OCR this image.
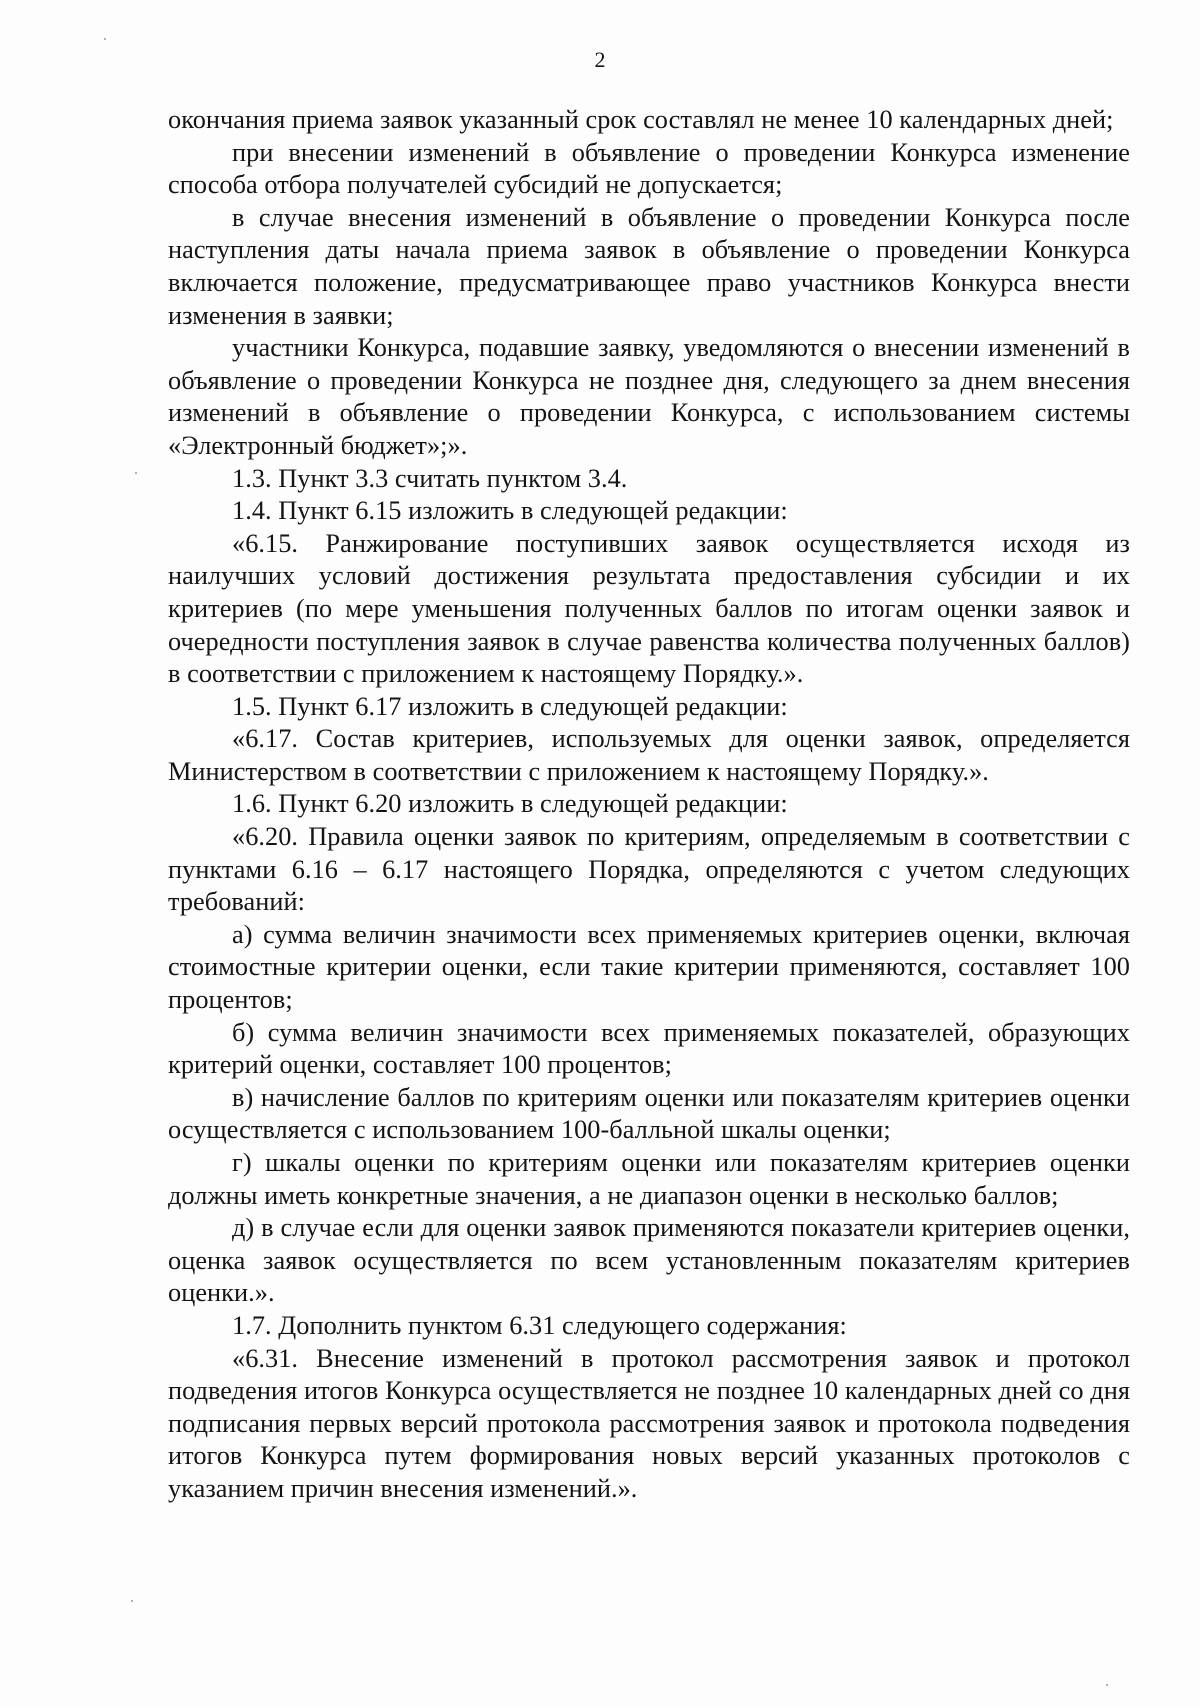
2

окончания приема заявок указанный срок составлял не менее 10 календарных дней;

при внесении изменений в объявление о проведении Конкурса изменение способа отбора получателей субсидий не допускается;

в случае внесения изменений в объявление о проведении Конкурса после наступления даты начала приема заявок в объявление о проведении Конкурса включается положение, предусматривающее право участников Конкурса внести изменения в заявки;

участники Конкурса, подавшие заявку, уведомляются о внесении изменений в объявление о проведении Конкурса не позднее дня, следующего за днем внесения изменений в объявление о проведении Конкурса, с использованием системы «Электронный бюджет»;».

1.3. Пункт 3.3 считать пунктом 3.4.

1.4. Пункт 6.15 изложить в следующей редакции:

«6.15. Ранжирование поступивших заявок осуществляется исходя из наилучших условий достижения результата предоставления субсидии и их критериев (по мере уменьшения полученных баллов по итогам оценки заявок и очередности поступления заявок в случае равенства количества полученных баллов) в соответствии с приложением к настоящему Порядку.».

1.5. Пункт 6.17 изложить в следующей редакции:

«6.17. Состав критериев, используемых для оценки заявок, определяется Министерством в соответствии с приложением к настоящему Порядку.».

1.6. Пункт 6.20 изложить в следующей редакции:

«6.20. Правила оценки заявок по критериям, определяемым в соответствии с пунктами 6.16 – 6.17 настоящего Порядка, определяются с учетом следующих требований:

а) сумма величин значимости всех применяемых критериев оценки, включая стоимостные критерии оценки, если такие критерии применяются, составляет 100 процентов;

б) сумма величин значимости всех применяемых показателей, образующих критерий оценки, составляет 100 процентов;

в) начисление баллов по критериям оценки или показателям критериев оценки осуществляется с использованием 100-балльной шкалы оценки;

г) шкалы оценки по критериям оценки или показателям критериев оценки должны иметь конкретные значения, а не диапазон оценки в несколько баллов;

д) в случае если для оценки заявок применяются показатели критериев оценки, оценка заявок осуществляется по всем установленным показателям критериев оценки.».

1.7. Дополнить пунктом 6.31 следующего содержания:

«6.31. Внесение изменений в протокол рассмотрения заявок и протокол подведения итогов Конкурса осуществляется не позднее 10 календарных дней со дня подписания первых версий протокола рассмотрения заявок и протокола подведения итогов Конкурса путем формирования новых версий указанных протоколов с указанием причин внесения изменений.».
